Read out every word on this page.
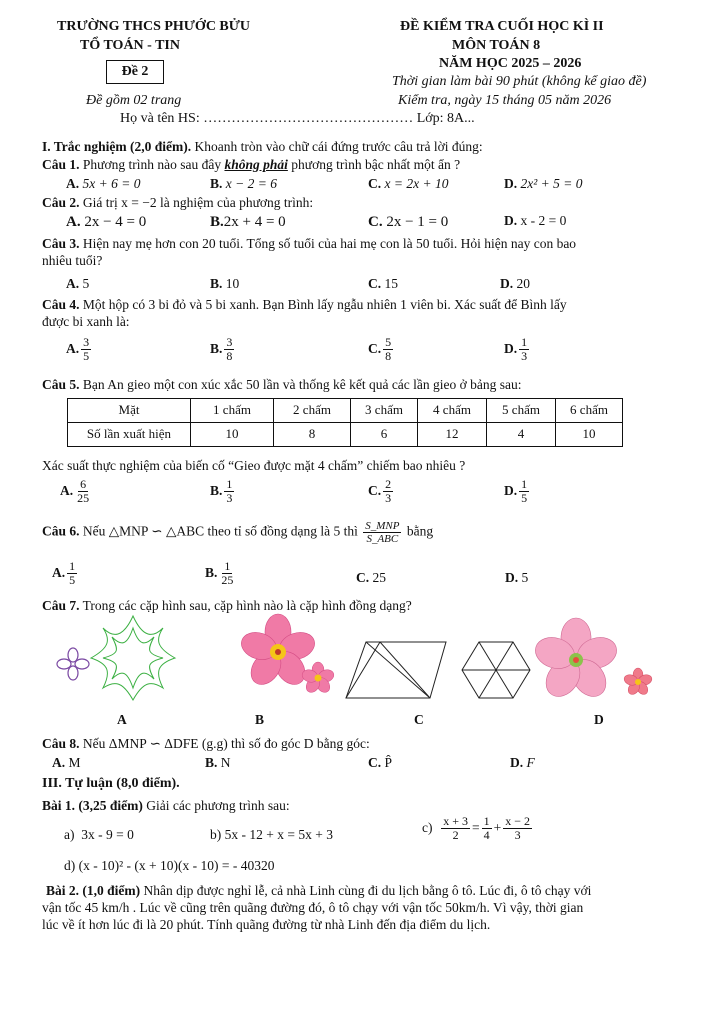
TRƯỜNG THCS PHƯỚC BỬU
TỔ TOÁN - TIN
ĐỀ KIỂM TRA CUỐI HỌC KÌ II
MÔN TOÁN 8
NĂM HỌC 2025 – 2026
Đề 2
Thời gian làm bài 90 phút (không kể giao đề)
Đề gồm 02 trang	Kiểm tra, ngày 15 tháng 05 năm 2026
Họ và tên HS: ……………………………………… Lớp: 8A...
I. Trắc nghiệm (2,0 điểm). Khoanh tròn vào chữ cái đứng trước câu trả lời đúng:
Câu 1. Phương trình nào sau đây không phải phương trình bậc nhất một ẩn ?
A. 5x + 6 = 0	B. x − 2 = 6	C. x = 2x + 10	D. 2x² + 5 = 0
Câu 2. Giá trị x = −2 là nghiệm của phương trình:
A. 2x − 4 = 0	B.2x + 4 = 0	C. 2x − 1 = 0	D. x - 2 = 0
Câu 3. Hiện nay mẹ hơn con 20 tuổi. Tổng số tuổi của hai mẹ con là 50 tuổi. Hỏi hiện nay con bao
nhiêu tuổi?
A. 5	B. 10	C. 15	D. 20
Câu 4. Một hộp có 3 bi đỏ và 5 bi xanh. Bạn Bình lấy ngẫu nhiên 1 viên bi. Xác suất để Bình lấy
được bi xanh là:
A. $\frac{3}{5}$	B. $\frac{3}{8}$	C. $\frac{5}{8}$	D. $\frac{1}{3}$
Câu 5. Bạn An gieo một con xúc xắc 50 lần và thống kê kết quả các lần gieo ở bảng sau:
Mặt	1 chấm	2 chấm	3 chấm	4 chấm	5 chấm	6 chấm
Số lần xuất hiện	10	8	6	12	4	10
Xác suất thực nghiệm của biến cố “Gieo được mặt 4 chấm” chiếm bao nhiêu ?
A. $\frac{6}{25}$	B. $\frac{1}{3}$	C. $\frac{2}{3}$	D. $\frac{1}{5}$
Câu 6. Nếu △MNP ∽ △ABC theo tỉ số đồng dạng là 5 thì $\frac{\text{S\_MNP}}{\text{S\_ABC}}$ bằng
A. $\frac{1}{5}$	B. $\frac{1}{25}$	C. 25	D. 5
Câu 7. Trong các cặp hình sau, cặp hình nào là cặp hình đồng dạng?
A	B	C	D
Câu 8. Nếu ΔMNP ∽ ΔDFE (g.g) thì số đo góc D bằng góc:
A. M	B. N	C. P̂	D. F
III. Tự luận (8,0 điểm).
Bài 1. (3,25 điểm) Giải các phương trình sau:
a)  3x - 9 = 0	b) 5x - 12 + x = 5x + 3	$c) \frac{x + 3}{2} = \frac{1}{4} + \frac{x - 2}{3}$
d) (x - 10)² - (x + 10)(x - 10) = - 40320
Bài 2. (1,0 điểm) Nhân dịp được nghỉ lễ, cả nhà Linh cùng đi du lịch bằng ô tô. Lúc đi, ô tô chạy với
vận tốc 45 km/h . Lúc về cũng trên quãng đường đó, ô tô chạy với vận tốc 50km/h. Vì vậy, thời gian
lúc về ít hơn lúc đi là 20 phút. Tính quãng đường từ nhà Linh đến địa điểm du lịch.
